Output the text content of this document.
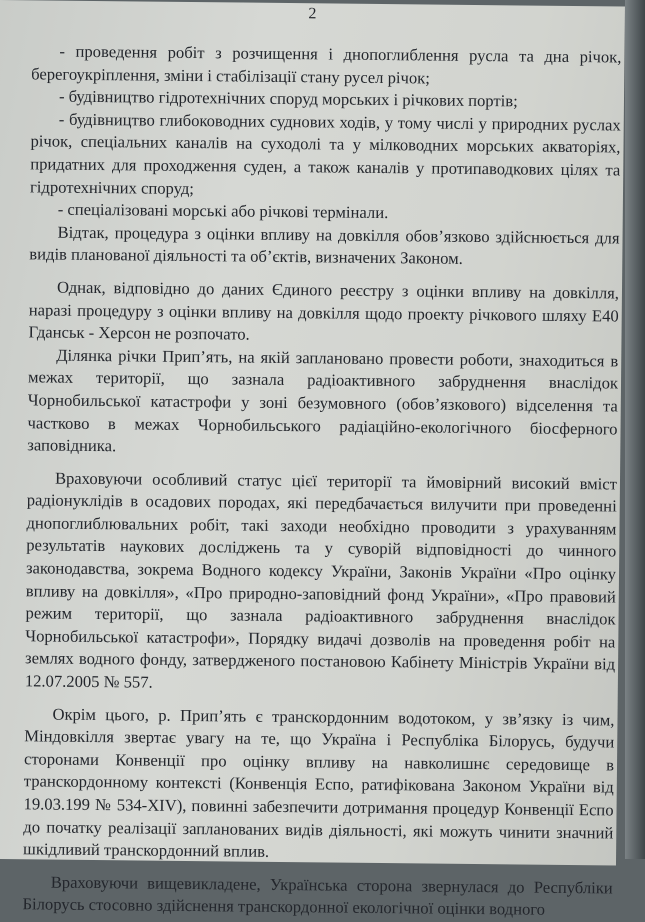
2

- проведення робіт з розчищення і днопоглиблення русла та дна річок, берегоукріплення, зміни і стабілізації стану русел річок;

- будівництво гідротехнічних споруд морських і річкових портів;

- будівництво глибоководних суднових ходів, у тому числі у природних руслах річок, спеціальних каналів на суходолі та у мілководних морських акваторіях, придатних для проходження суден, а також каналів у протипаводкових цілях та гідротехнічних споруд;

- спеціалізовані морські або річкові термінали.

Відтак, процедура з оцінки впливу на довкілля обов’язково здійснюється для видів планованої діяльності та об’єктів, визначених Законом.

Однак, відповідно до даних Єдиного реєстру з оцінки впливу на довкілля, наразі процедуру з оцінки впливу на довкілля щодо проекту річкового шляху Е40 Гданськ - Херсон не розпочато.

Ділянка річки Прип’ять, на якій заплановано провести роботи, знаходиться в межах території, що зазнала радіоактивного забруднення внаслідок Чорнобильської катастрофи у зоні безумовного (обов’язкового) відселення та частково в межах Чорнобильського радіаційно-екологічного біосферного заповідника.

Враховуючи особливий статус цієї території та ймовірний високий вміст радіонуклідів в осадових породах, які передбачається вилучити при проведенні днопоглиблювальних робіт, такі заходи необхідно проводити з урахуванням результатів наукових досліджень та у суворій відповідності до чинного законодавства, зокрема Водного кодексу України, Законів України «Про оцінку впливу на довкілля», «Про природно-заповідний фонд України», «Про правовий режим території, що зазнала радіоактивного забруднення внаслідок Чорнобильської катастрофи», Порядку видачі дозволів на проведення робіт на землях водного фонду, затвердженого постановою Кабінету Міністрів України від 12.07.2005 № 557.

Окрім цього, р. Прип’ять є транскордонним водотоком, у зв’язку із чим, Міндовкілля звертає увагу на те, що Україна і Республіка Білорусь, будучи сторонами Конвенції про оцінку впливу на навколишнє середовище в транскордонному контексті (Конвенція Еспо, ратифікована Законом України від 19.03.199 № 534-XIV), повинні забезпечити дотримання процедур Конвенції Еспо до початку реалізації запланованих видів діяльності, які можуть чинити значний шкідливий транскордонний вплив.

Враховуючи вищевикладене, Українська сторона звернулася до Республіки Білорусь стосовно здійснення транскордонної екологічної оцінки водного
